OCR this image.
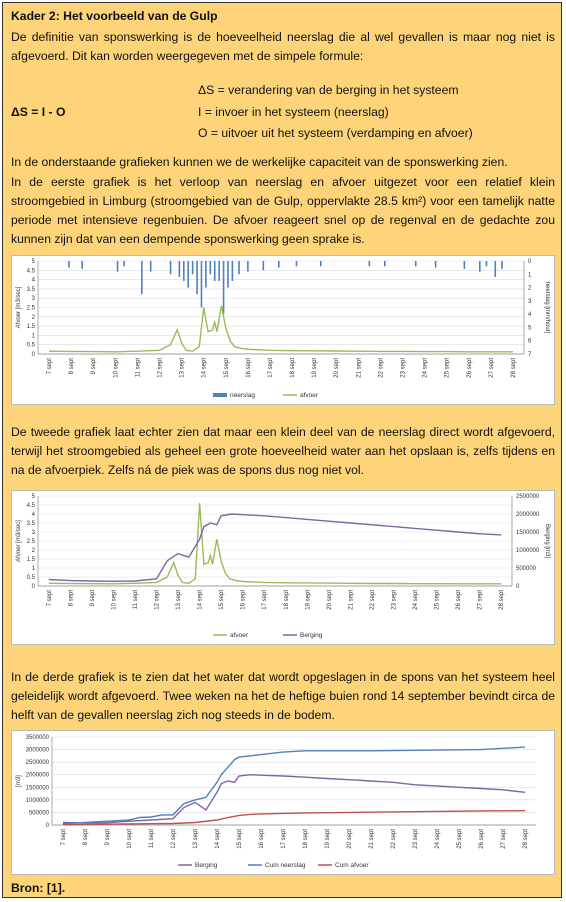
Kader 2: Het voorbeeld van de Gulp
De definitie van sponswerking is de hoeveelheid neerslag die al wel gevallen is maar nog niet is afgevoerd. Dit kan worden weergegeven met de simpele formule:
ΔS = I - O
ΔS = verandering van de berging in het systeem
I = invoer in het systeem (neerslag)
O = uitvoer uit het systeem (verdamping en afvoer)
In de onderstaande grafieken kunnen we de werkelijke capaciteit van de sponswerking zien.
In de eerste grafiek is het verloop van neerslag en afvoer uitgezet voor een relatief klein stroomgebied in Limburg (stroomgebied van de Gulp, oppervlakte 28.5 km²) voor een tamelijk natte periode met intensieve regenbuien. De afvoer reageert snel op de regenval en de gedachte zou kunnen zijn dat van een dempende sponswerking geen sprake is.
0
0.5
1
1.5
2
2.5
3
3.5
4
4.5
5
7 sept	8 sept	9 sept	10 sept	11 sept	12 sept	13 sept	14 sept	15 sept	16 sept	17 sept	18 sept	19 sept	20 sept	21 sept	22 sept	23 sept	24 sept	25 sept	26 sept	27 sept	28 sept
Afvoer [m3/sec]
0
1
2
3
4
5
6
7
neerslag [mm/hour]
neerslag	afvoer
De tweede grafiek laat echter zien dat maar een klein deel van de neerslag direct wordt afgevoerd, terwijl het stroomgebied als geheel een grote hoeveelheid water aan het opslaan is, zelfs tijdens en na de afvoerpiek. Zelfs ná de piek was de spons dus nog niet vol.
0
0.5
1
1.5
2
2.5
3
3.5
4
4.5
5
7 sept	8 sept	9 sept	10 sept	11 sept	12 sept	13 sept	14 sept	15 sept	16 sept	17 sept	18 sept	19 sept	20 sept	21 sept	22 sept	23 sept	24 sept	25 sept	26 sept	27 sept	28 sept
Afvoer [m3/sec]
0
500000
1000000
1500000
2000000
2500000
Berging [m3]
afvoer	Berging
In de derde grafiek is te zien dat het water dat wordt opgeslagen in de spons van het systeem heel geleidelijk wordt afgevoerd. Twee weken na het de heftige buien rond 14 september bevindt circa de helft van de gevallen neerslag zich nog steeds in de bodem.
0
500000
1000000
1500000
2000000
2500000
3000000
3500000
7 sept	8 sept	9 sept	10 sept	11 sept	12 sept	13 sept	14 sept	15 sept	16 sept	17 sept	18 sept	19 sept	20 sept	21 sept	22 sept	23 sept	24 sept	25 sept	26 sept	27 sept	28 sept
[m3]
Berging	Cum neerslag	Cum afvoer
Bron: [1].
